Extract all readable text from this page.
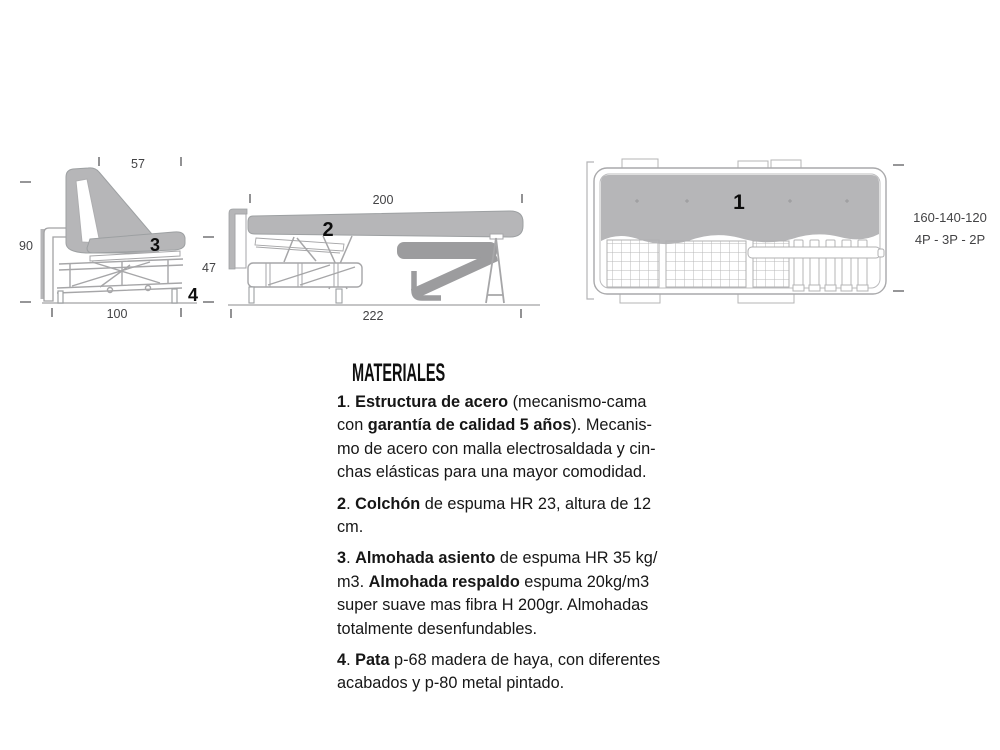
57
90
47
100
3
4
200
222
2
1
160-140-120
4P - 3P - 2P
MATERIALES

1. Estructura de acero (mecanismo-cama
con garantía de calidad 5 años). Mecanis-
mo de acero con malla electrosaldada y cin-
chas elásticas para una mayor comodidad.

2. Colchón de espuma HR 23, altura de 12
cm.

3. Almohada asiento de espuma HR 35 kg/
m3. Almohada respaldo espuma 20kg/m3
super suave mas fibra H 200gr. Almohadas
totalmente desenfundables.

4. Pata p-68 madera de haya, con diferentes
acabados y p-80 metal pintado.
